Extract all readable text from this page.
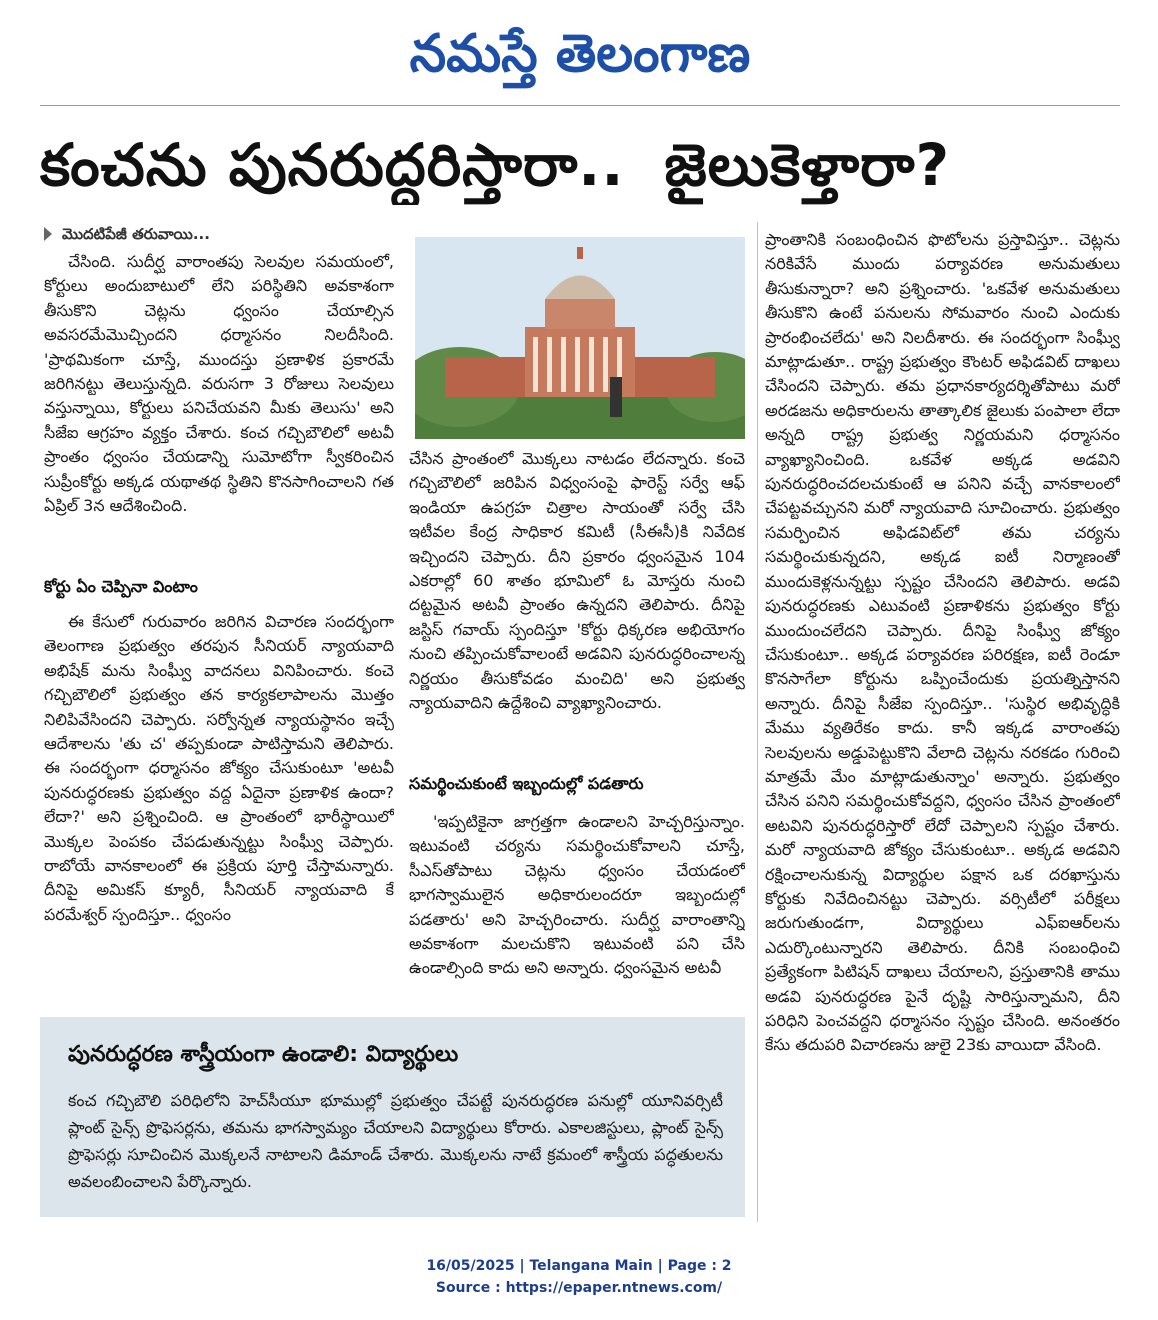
నమస్తే తెలంగాణ
కంచను పునరుద్ధరిస్తారా.. జైలుకెళ్తారా?
మొదటిపేజీ తరువాయి...

చేసింది. సుదీర్ఘ వారాంతపు సెలవుల సమయంలో, కోర్టులు అందుబాటులో లేని పరిస్థితిని అవకాశంగా తీసుకొని చెట్లను ధ్వంసం చేయాల్సిన అవసరమేమొచ్చిందని ధర్మాసనం నిలదీసింది. 'ప్రాథమికంగా చూస్తే, ముందస్తు ప్రణాళిక ప్రకారమే జరిగినట్టు తెలుస్తున్నది. వరుసగా 3 రోజులు సెలవులు వస్తున్నాయి, కోర్టులు పనిచేయవని మీకు తెలుసు' అని సీజేఐ ఆగ్రహం వ్యక్తం చేశారు. కంచ గచ్చిబౌలిలో అటవీ ప్రాంతం ధ్వంసం చేయడాన్ని సుమోటోగా స్వీకరించిన సుప్రీంకోర్టు అక్కడ యథాతథ స్థితిని కొనసాగించాలని గత ఏప్రిల్ 3న ఆదేశించింది.

కోర్టు ఏం చెప్పినా వింటాం

ఈ కేసులో గురువారం జరిగిన విచారణ సందర్భంగా తెలంగాణ ప్రభుత్వం తరపున సీనియర్ న్యాయవాది అభిషేక్ మను సింఘ్వీ వాదనలు వినిపించారు. కంచె గచ్చిబౌలిలో ప్రభుత్వం తన కార్యకలాపాలను మొత్తం నిలిపివేసిందని చెప్పారు. సర్వోన్నత న్యాయస్థానం ఇచ్చే ఆదేశాలను 'తు చ' తప్పకుండా పాటిస్తామని తెలిపారు. ఈ సందర్భంగా ధర్మాసనం జోక్యం చేసుకుంటూ 'అటవీ పునరుద్ధరణకు ప్రభుత్వం వద్ద ఏదైనా ప్రణాళిక ఉందా? లేదా?' అని ప్రశ్నించింది. ఆ ప్రాంతంలో భారీస్థాయిలో మొక్కల పెంపకం చేపడుతున్నట్టు సింఘ్వీ చెప్పారు. రాబోయే వానకాలంలో ఈ ప్రక్రియ పూర్తి చేస్తామన్నారు. దీనిపై అమికస్ క్యూరీ, సీనియర్ న్యాయవాది కే పరమేశ్వర్ స్పందిస్తూ.. ధ్వంసం

చేసిన ప్రాంతంలో మొక్కలు నాటడం లేదన్నారు. కంచె గచ్చిబౌలిలో జరిపిన విధ్వంసంపై ఫారెస్ట్ సర్వే ఆఫ్ ఇండియా ఉపగ్రహ చిత్రాల సాయంతో సర్వే చేసి ఇటీవల కేంద్ర సాధికార కమిటీ (సీఈసీ)కి నివేదిక ఇచ్చిందని చెప్పారు. దీని ప్రకారం ధ్వంసమైన 104 ఎకరాల్లో 60 శాతం భూమిలో ఓ మోస్తరు నుంచి దట్టమైన అటవీ ప్రాంతం ఉన్నదని తెలిపారు. దీనిపై జస్టిస్ గవాయ్ స్పందిస్తూ 'కోర్టు ధిక్కరణ అభియోగం నుంచి తప్పించుకోవాలంటే అడవిని పునరుద్ధరించాలన్న నిర్ణయం తీసుకోవడం మంచిది' అని ప్రభుత్వ న్యాయవాదిని ఉద్దేశించి వ్యాఖ్యానించారు.

సమర్థించుకుంటే ఇబ్బందుల్లో పడతారు

'ఇప్పటికైనా జాగ్రత్తగా ఉండాలని హెచ్చరిస్తున్నాం. ఇటువంటి చర్యను సమర్థించుకోవాలని చూస్తే, సీఎస్‌తోపాటు చెట్లను ధ్వంసం చేయడంలో భాగస్వాములైన అధికారులందరూ ఇబ్బందుల్లో పడతారు' అని హెచ్చరించారు. సుదీర్ఘ వారాంతాన్ని అవకాశంగా మలచుకొని ఇటువంటి పని చేసి ఉండాల్సింది కాదు అని అన్నారు. ధ్వంసమైన అటవీ

ప్రాంతానికి సంబంధించిన ఫొటోలను ప్రస్తావిస్తూ.. చెట్లను నరికివేసే ముందు పర్యావరణ అనుమతులు తీసుకున్నారా? అని ప్రశ్నించారు. 'ఒకవేళ అనుమతులు తీసుకొని ఉంటే పనులను సోమవారం నుంచి ఎందుకు ప్రారంభించలేదు' అని నిలదీశారు. ఈ సందర్భంగా సింఘ్వీ మాట్లాడుతూ.. రాష్ట్ర ప్రభుత్వం కౌంటర్ అఫిడవిట్ దాఖలు చేసిందని చెప్పారు. తమ ప్రధానకార్యదర్శితోపాటు మరో అరడజను అధికారులను తాత్కాలిక జైలుకు పంపాలా లేదా అన్నది రాష్ట్ర ప్రభుత్వ నిర్ణయమని ధర్మాసనం వ్యాఖ్యానించింది. ఒకవేళ అక్కడ అడవిని పునరుద్ధరించదలచుకుంటే ఆ పనిని వచ్చే వానకాలంలో చేపట్టవచ్చునని మరో న్యాయవాది సూచించారు. ప్రభుత్వం సమర్పించిన అఫిడవిట్‌లో తమ చర్యను సమర్థించుకున్నదని, అక్కడ ఐటీ నిర్మాణంతో ముందుకెళ్లనున్నట్టు స్పష్టం చేసిందని తెలిపారు. అడవి పునరుద్ధరణకు ఎటువంటి ప్రణాళికను ప్రభుత్వం కోర్టు ముందుంచలేదని చెప్పారు. దీనిపై సింఘ్వీ జోక్యం చేసుకుంటూ.. అక్కడ పర్యావరణ పరిరక్షణ, ఐటీ రెండూ కొనసాగేలా కోర్టును ఒప్పించేందుకు ప్రయత్నిస్తానని అన్నారు. దీనిపై సీజేఐ స్పందిస్తూ.. 'సుస్థిర అభివృద్ధికి మేము వ్యతిరేకం కాదు. కానీ ఇక్కడ వారాంతపు సెలవులను అడ్డుపెట్టుకొని వేలాది చెట్లను నరకడం గురించి మాత్రమే మేం మాట్లాడుతున్నాం' అన్నారు. ప్రభుత్వం చేసిన పనిని సమర్థించుకోవద్దని, ధ్వంసం చేసిన ప్రాంతంలో అటవిని పునరుద్ధరిస్తారో లేదో చెప్పాలని స్పష్టం చేశారు. మరో న్యాయవాది జోక్యం చేసుకుంటూ.. అక్కడ అడవిని రక్షించాలనుకున్న విద్యార్థుల పక్షాన ఒక దరఖాస్తును కోర్టుకు నివేదించినట్టు చెప్పారు. వర్సిటీలో పరీక్షలు జరుగుతుండగా, విద్యార్థులు ఎఫ్‌ఐఆర్‌లను ఎదుర్కొంటున్నారని తెలిపారు. దీనికి సంబంధించి ప్రత్యేకంగా పిటిషన్ దాఖలు చేయాలని, ప్రస్తుతానికి తాము అడవి పునరుద్ధరణ పైనే దృష్టి సారిస్తున్నామని, దీని పరిధిని పెంచవద్దని ధర్మాసనం స్పష్టం చేసింది. అనంతరం కేసు తదుపరి విచారణను జులై 23కు వాయిదా వేసింది.

పునరుద్ధరణ శాస్త్రీయంగా ఉండాలి: విద్యార్థులు
కంచ గచ్చిబౌలి పరిధిలోని హెచ్‌సీయూ భూముల్లో ప్రభుత్వం చేపట్టే పునరుద్ధరణ పనుల్లో యూనివర్సిటీ ప్లాంట్ సైన్స్ ప్రొఫెసర్లను, తమను భాగస్వామ్యం చేయాలని విద్యార్థులు కోరారు. ఎకాలజిస్టులు, ప్లాంట్ సైన్స్ ప్రొఫెసర్లు సూచించిన మొక్కలనే నాటాలని డిమాండ్ చేశారు. మొక్కలను నాటే క్రమంలో శాస్త్రీయ పద్ధతులను అవలంబించాలని పేర్కొన్నారు.
16/05/2025 | Telangana Main | Page : 2
Source : https://epaper.ntnews.com/
